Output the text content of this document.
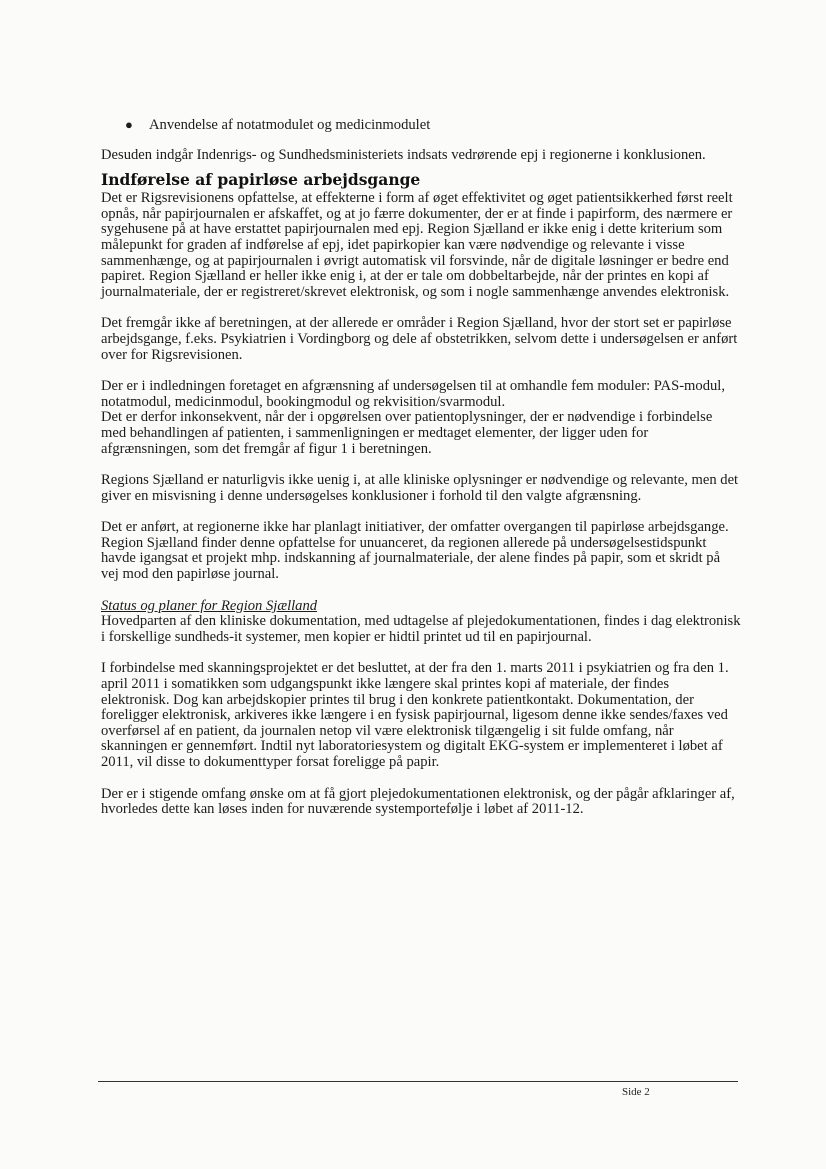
●	Anvendelse af notatmodulet og medicinmodulet

Desuden indgår Indenrigs- og Sundhedsministeriets indsats vedrørende epj i regionerne i konklusionen.

Indførelse af papirløse arbejdsgange

Det er Rigsrevisionens opfattelse, at effekterne i form af øget effektivitet og øget patientsikkerhed først reelt opnås, når papirjournalen er afskaffet, og at jo færre dokumenter, der er at finde i papirform, des nærmere er sygehusene på at have erstattet papirjournalen med epj. Region Sjælland er ikke enig i dette kriterium som målepunkt for graden af indførelse af epj, idet papirkopier kan være nødvendige og relevante i visse sammenhænge, og at papirjournalen i øvrigt automatisk vil forsvinde, når de digitale løsninger er bedre end papiret. Region Sjælland er heller ikke enig i, at der er tale om dobbeltarbejde, når der printes en kopi af journalmateriale, der er registreret/skrevet elektronisk, og som i nogle sammenhænge anvendes elektronisk.

Det fremgår ikke af beretningen, at der allerede er områder i Region Sjælland, hvor der stort set er papirløse arbejdsgange, f.eks. Psykiatrien i Vordingborg og dele af obstetrikken, selvom dette i undersøgelsen er anført over for Rigsrevisionen.

Der er i indledningen foretaget en afgrænsning af undersøgelsen til at omhandle fem moduler: PAS-modul, notatmodul, medicinmodul, bookingmodul og rekvisition/svarmodul.

Det er derfor inkonsekvent, når der i opgørelsen over patientoplysninger, der er nødvendige i forbindelse med behandlingen af patienten, i sammenligningen er medtaget elementer, der ligger uden for afgrænsningen, som det fremgår af figur 1 i beretningen.

Regions Sjælland er naturligvis ikke uenig i, at alle kliniske oplysninger er nødvendige og relevante, men det giver en misvisning i denne undersøgelses konklusioner i forhold til den valgte afgrænsning.

Det er anført, at regionerne ikke har planlagt initiativer, der omfatter overgangen til papirløse arbejdsgange. Region Sjælland finder denne opfattelse for unuanceret, da regionen allerede på undersøgelsestidspunkt havde igangsat et projekt mhp. indskanning af journalmateriale, der alene findes på papir, som et skridt på vej mod den papirløse journal.

Status og planer for Region Sjælland

Hovedparten af den kliniske dokumentation, med udtagelse af plejedokumentationen, findes i dag elektronisk i forskellige sundheds-it systemer, men kopier er hidtil printet ud til en papirjournal.

I forbindelse med skanningsprojektet er det besluttet, at der fra den 1. marts 2011 i psykiatrien og fra den 1. april 2011 i somatikken som udgangspunkt ikke længere skal printes kopi af materiale, der findes elektronisk. Dog kan arbejdskopier printes til brug i den konkrete patientkontakt. Dokumentation, der foreligger elektronisk, arkiveres ikke længere i en fysisk papirjournal, ligesom denne ikke sendes/faxes ved overførsel af en patient, da journalen netop vil være elektronisk tilgængelig i sit fulde omfang, når skanningen er gennemført. Indtil nyt laboratoriesystem og digitalt EKG-system er implementeret i løbet af 2011, vil disse to dokumenttyper forsat foreligge på papir.

Der er i stigende omfang ønske om at få gjort plejedokumentationen elektronisk, og der pågår afklaringer af, hvorledes dette kan løses inden for nuværende systemportefølje i løbet af 2011-12.

Side 2
